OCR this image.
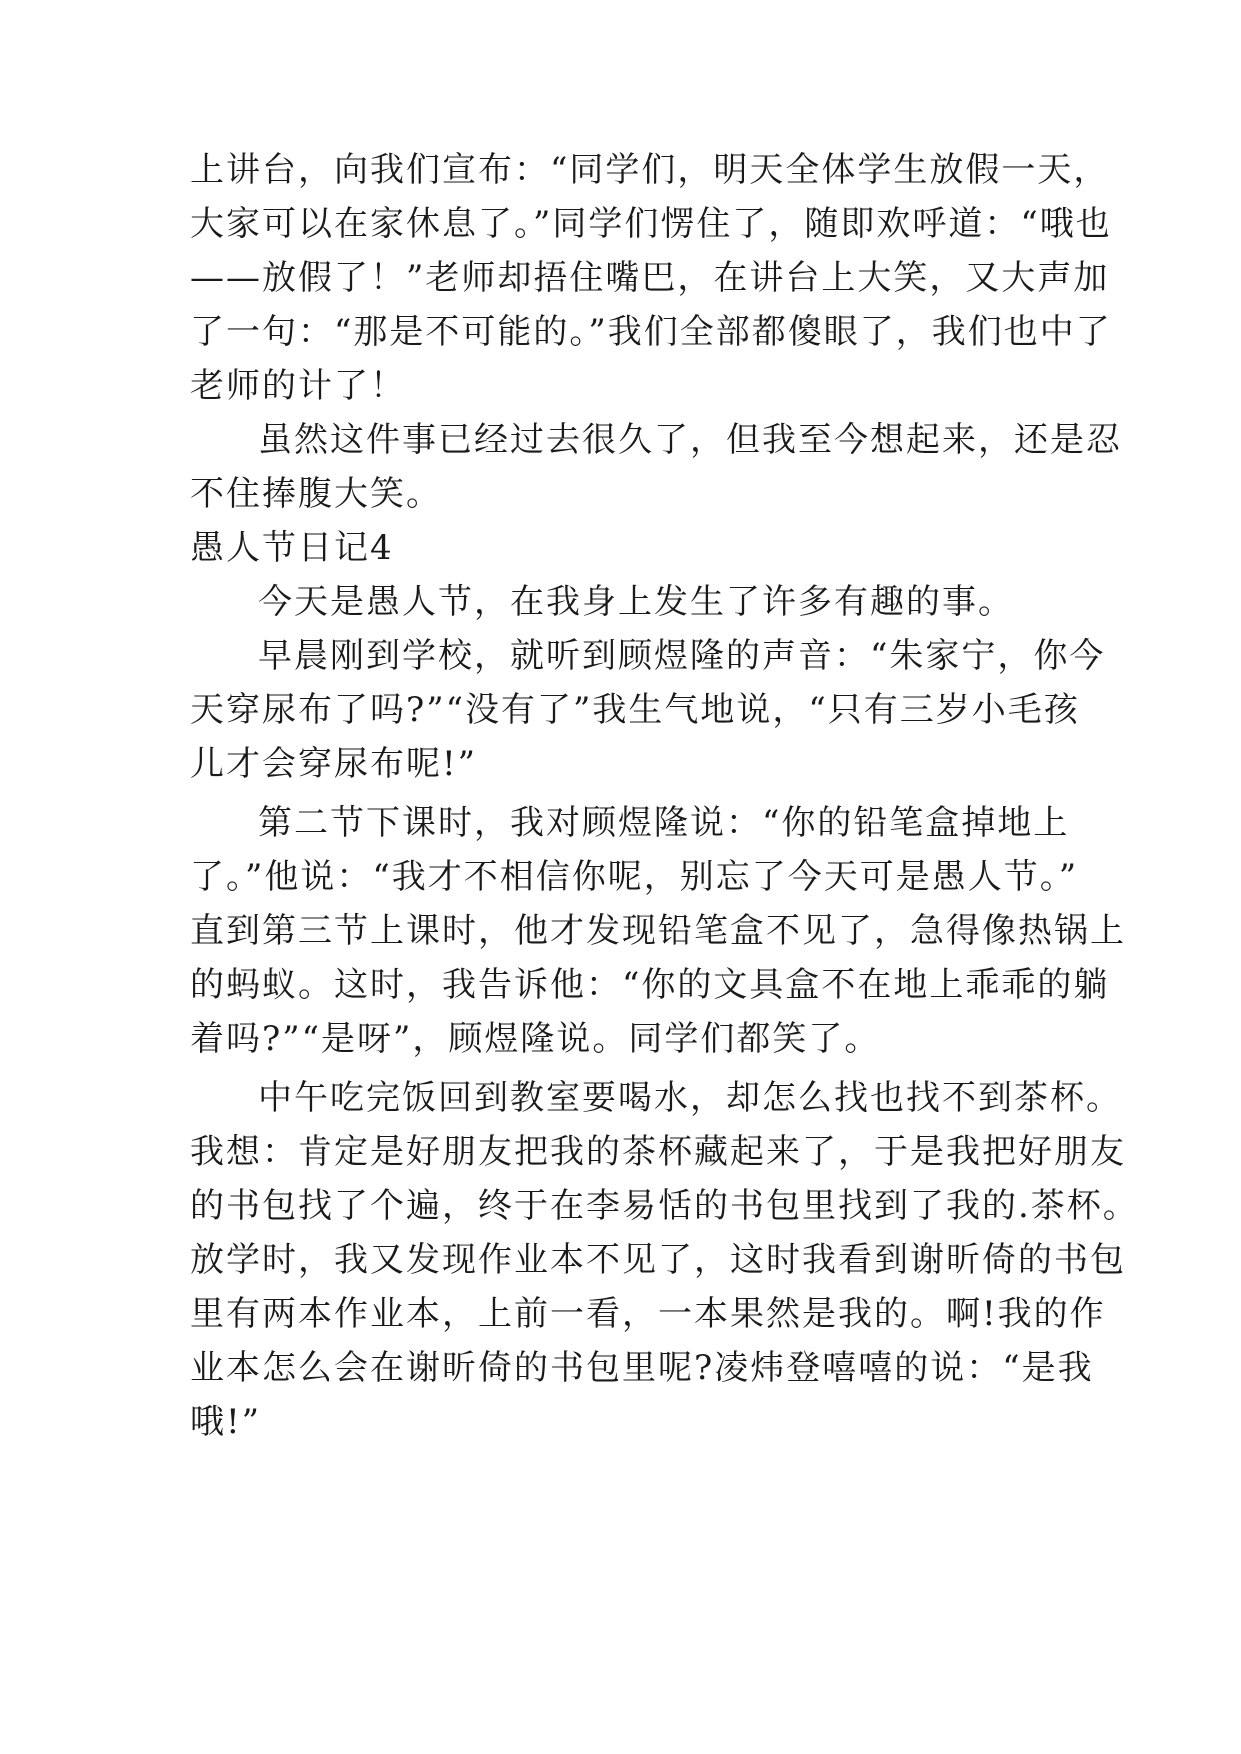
上讲台，向我们宣布：“同学们，明天全体学生放假一天，
大家可以在家休息了。”同学们愣住了，随即欢呼道：“哦也
——放假了！”老师却捂住嘴巴，在讲台上大笑，又大声加
了一句：“那是不可能的。”我们全部都傻眼了，我们也中了
老师的计了！
虽然这件事已经过去很久了，但我至今想起来，还是忍
不住捧腹大笑。
愚人节日记4
今天是愚人节，在我身上发生了许多有趣的事。
早晨刚到学校，就听到顾煜隆的声音：“朱家宁，你今
天穿尿布了吗?”“没有了”我生气地说，“只有三岁小毛孩
儿才会穿尿布呢!”
第二节下课时，我对顾煜隆说：“你的铅笔盒掉地上
了。”他说：“我才不相信你呢，别忘了今天可是愚人节。”
直到第三节上课时，他才发现铅笔盒不见了，急得像热锅上
的蚂蚁。这时，我告诉他：“你的文具盒不在地上乖乖的躺
着吗?”“是呀”，顾煜隆说。同学们都笑了。
中午吃完饭回到教室要喝水，却怎么找也找不到茶杯。
我想：肯定是好朋友把我的茶杯藏起来了，于是我把好朋友
的书包找了个遍，终于在李易恬的书包里找到了我的.茶杯。
放学时，我又发现作业本不见了，这时我看到谢昕倚的书包
里有两本作业本，上前一看，一本果然是我的。啊!我的作
业本怎么会在谢昕倚的书包里呢?凌炜登嘻嘻的说：“是我
哦!”
